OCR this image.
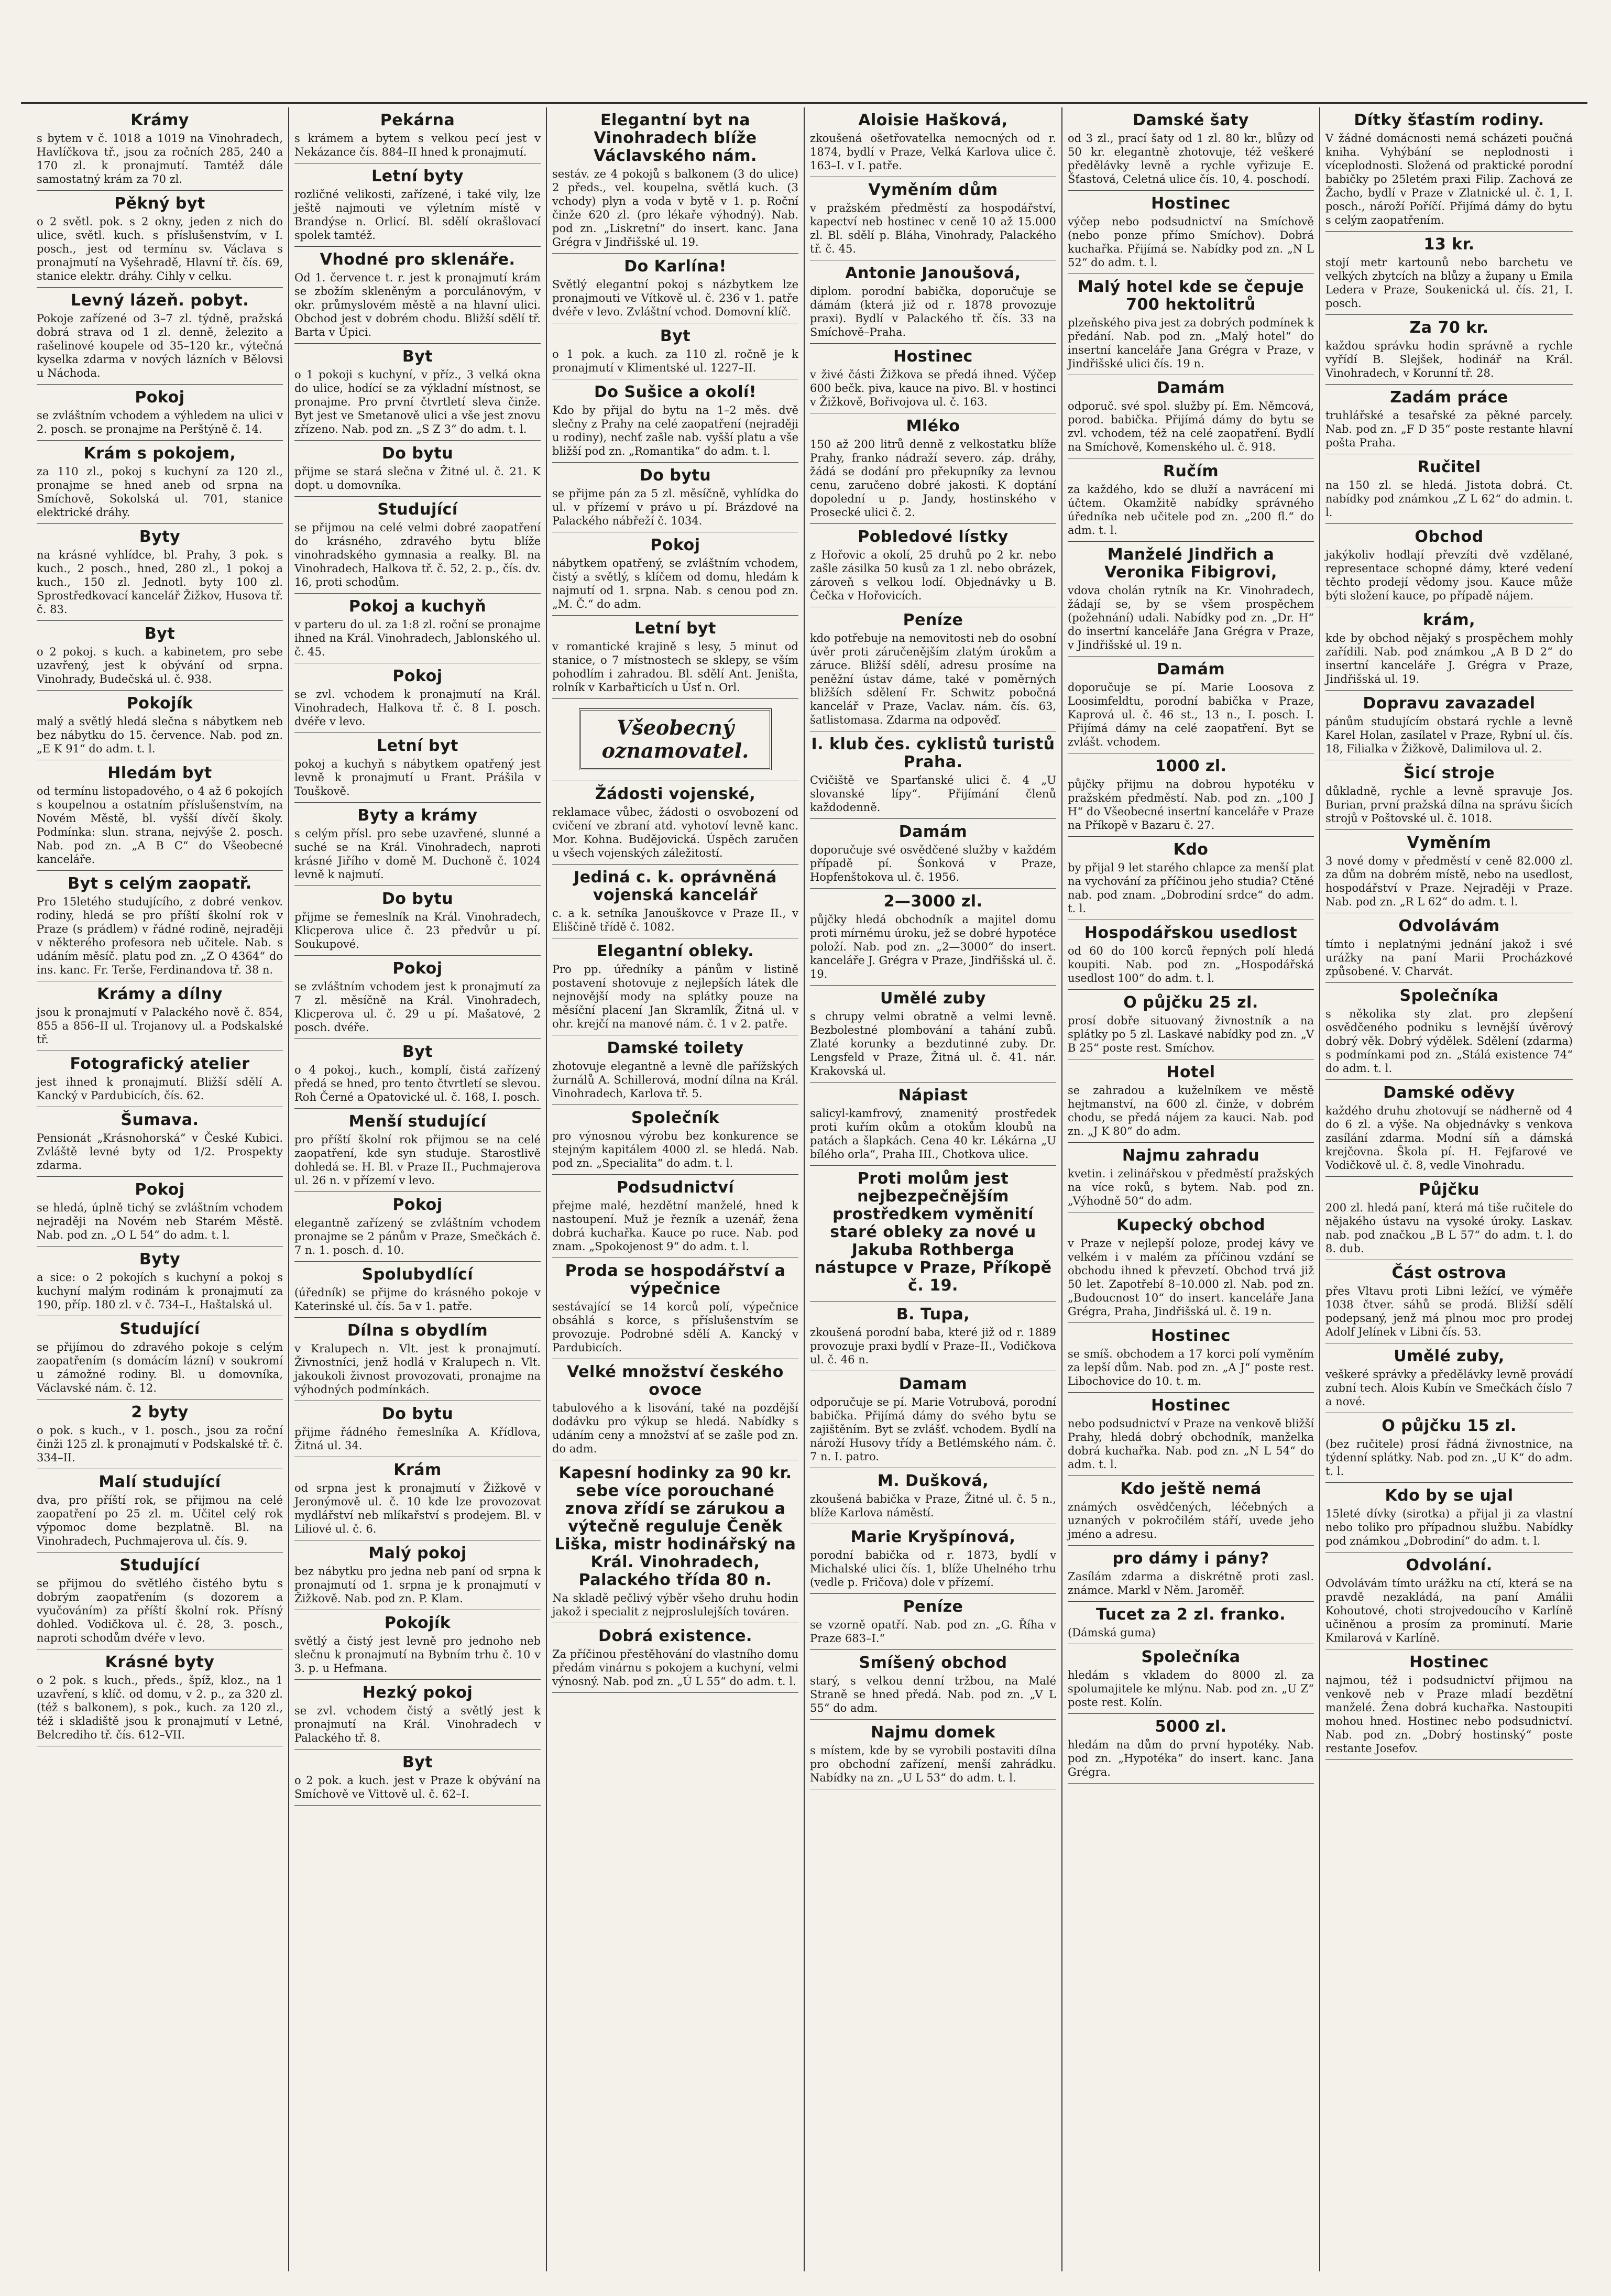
Krámy
s bytem v č. 1018 a 1019 na Vinohradech, Havlíčkova tř., jsou za ročních 285, 240 a 170 zl. k pronajmutí. Tamtéž dále samostatný krám za 70 zl.
Pěkný byt
o 2 světl. pok. s 2 okny, jeden z nich do ulice, světl. kuch. s příslušenstvím, v I. posch., jest od termínu sv. Václava s pronajmutí na Vyšehradě, Hlavní tř. čís. 69, stanice elektr. dráhy. Cihly v celku.
Levný lázeň. pobyt.
Pokoje zařízené od 3–7 zl. týdně, pražská dobrá strava od 1 zl. denně, železito a rašelinové koupele od 35–120 kr., výtečná kyselka zdarma v nových lázních v Bělovsi u Náchoda.
Pokoj
se zvláštním vchodem a výhledem na ulici v 2. posch. se pronajme na Perštýně č. 14.
Krám s pokojem,
za 110 zl., pokoj s kuchyní za 120 zl., pronajme se hned aneb od srpna na Smíchově, Sokolská ul. 701, stanice elektrické dráhy.
Byty
na krásné vyhlídce, bl. Prahy, 3 pok. s kuch., 2 posch., hned, 280 zl., 1 pokoj a kuch., 150 zl. Jednotl. byty 100 zl. Sprostředkovací kancelář Žižkov, Husova tř. č. 83.
Byt
o 2 pokoj. s kuch. a kabinetem, pro sebe uzavřený, jest k obývání od srpna. Vinohrady, Budečská ul. č. 938.
Pokojík
malý a světlý hledá slečna s nábytkem neb bez nábytku do 15. července. Nab. pod zn. „E K 91“ do adm. t. l.
Hledám byt
od termínu listopadového, o 4 až 6 pokojích s koupelnou a ostatním příslušenstvím, na Novém Městě, bl. vyšší dívčí školy. Podmínka: slun. strana, nejvýše 2. posch. Nab. pod zn. „A B C“ do Všeobecné kanceláře.
Byt s celým zaopatř.
Pro 15letého studujícího, z dobré venkov. rodiny, hledá se pro příští školní rok v Praze (s prádlem) v řádné rodině, nejraději v některého profesora neb učitele. Nab. s udáním měsíč. platu pod zn. „Z O 4364“ do ins. kanc. Fr. Terše, Ferdinandova tř. 38 n.
Krámy a dílny
jsou k pronajmutí v Palackého nově č. 854, 855 a 856–II ul. Trojanovy ul. a Podskalské tř.
Fotografický atelier
jest ihned k pronajmutí. Bližší sdělí A. Kancký v Pardubicích, čís. 62.
Šumava.
Pensionát „Krásnohorská“ v České Kubici. Zvláště levné byty od 1/2. Prospekty zdarma.
Pokoj
se hledá, úplně tichý se zvláštním vchodem nejraději na Novém neb Starém Městě. Nab. pod zn. „O L 54“ do adm. t. l.
Byty
a sice: o 2 pokojích s kuchyní a pokoj s kuchyní malým rodinám k pronajmutí za 190, příp. 180 zl. v č. 734–I., Haštalská ul.
Studující
se přijímou do zdravého pokoje s celým zaopatřením (s domácím lázní) v soukromí u zámožné rodiny. Bl. u domovníka, Václavské nám. č. 12.
2 byty
o pok. s kuch., v 1. posch., jsou za roční činži 125 zl. k pronajmutí v Podskalské tř. č. 334–II.
Malí studující
dva, pro příští rok, se přijmou na celé zaopatření po 25 zl. m. Učitel celý rok výpomoc dome bezplatně. Bl. na Vinohradech, Puchmajerova ul. čís. 9.
Studující
se přijmou do světlého čistého bytu s dobrým zaopatřením (s dozorem a vyučováním) za příští školní rok. Přísný dohled. Vodičkova ul. č. 28, 3. posch., naproti schodům dvéře v levo.
Krásné byty
o 2 pok. s kuch., předs., špíž, kloz., na 1 uzavření, s klíč. od domu, v 2. p., za 320 zl. (též s balkonem), s pok., kuch. za 120 zl., též i skladiště jsou k pronajmutí v Letné, Belcrediho tř. čís. 612–VII.
Pekárna
s krámem a bytem s velkou pecí jest v Nekázance čís. 884–II hned k pronajmutí.
Letní byty
rozličné velikosti, zařízené, i také vily, lze ještě najmouti ve výletním místě v Brandýse n. Orlicí. Bl. sdělí okrašlovací spolek tamtéž.
Vhodné pro sklenáře.
Od 1. července t. r. jest k pronajmutí krám se zbožím skleněným a porculánovým, v okr. průmyslovém městě a na hlavní ulici. Obchod jest v dobrém chodu. Bližší sdělí tř. Barta v Úpici.
Byt
o 1 pokoji s kuchyní, v příz., 3 velká okna do ulice, hodící se za výkladní místnost, se pronajme. Pro první čtvrtletí sleva činže. Byt jest ve Smetanově ulici a vše jest znovu zřízeno. Nab. pod zn. „S Z 3“ do adm. t. l.
Do bytu
přijme se stará slečna v Žitné ul. č. 21. K dopt. u domovníka.
Studující
se přijmou na celé velmi dobré zaopatření do krásného, zdravého bytu blíže vinohradského gymnasia a realky. Bl. na Vinohradech, Halkova tř. č. 52, 2. p., čís. dv. 16, proti schodům.
Pokoj a kuchyň
v parteru do ul. za 1:8 zl. roční se pronajme ihned na Král. Vinohradech, Jablonského ul. č. 45.
Pokoj
se zvl. vchodem k pronajmutí na Král. Vinohradech, Halkova tř. č. 8 I. posch. dvéře v levo.
Letní byt
pokoj a kuchyň s nábytkem opatřený jest levně k pronajmutí u Frant. Prášila v Touškově.
Byty a krámy
s celým přísl. pro sebe uzavřené, slunné a suché se na Král. Vinohradech, naproti krásné Jiřího v domě M. Duchoně č. 1024 levně k najmutí.
Do bytu
přijme se řemeslník na Král. Vinohradech, Klicperova ulice č. 23 předvůr u pí. Soukupové.
Pokoj
se zvláštním vchodem jest k pronajmutí za 7 zl. měsíčně na Král. Vinohradech, Klicperova ul. č. 29 u pí. Mašatové, 2 posch. dvéře.
Byt
o 4 pokoj., kuch., komplí, čistá zařízený předá se hned, pro tento čtvrtletí se slevou. Roh Černé a Opatovické ul. č. 168, I. posch.
Menší studující
pro příští školní rok přijmou se na celé zaopatření, kde syn studuje. Starostlivě dohledá se. H. Bl. v Praze II., Puchmajerova ul. 26 n. v přízemí v levo.
Pokoj
elegantně zařízený se zvláštním vchodem pronajme se 2 pánům v Praze, Smečkách č. 7 n. 1. posch. d. 10.
Spolubydlící
(úředník) se přijme do krásného pokoje v Katerinské ul. čís. 5a v 1. patře.
Dílna s obydlím
v Kralupech n. Vlt. jest k pronajmutí. Živnostníci, jenž hodlá v Kralupech n. Vlt. jakoukoli živnost provozovati, pronajme na výhodných podmínkách.
Do bytu
přijme řádného řemeslníka A. Křídlova, Žitná ul. 34.
Krám
od srpna jest k pronajmutí v Žižkově v Jeronýmově ul. č. 10 kde lze provozovat mydlářství neb mlíkařství s prodejem. Bl. v Liliové ul. č. 6.
Malý pokoj
bez nábytku pro jedna neb paní od srpna k pronajmutí od 1. srpna je k pronajmutí v Žižkově. Nab. pod zn. P. Klam.
Pokojík
světlý a čistý jest levně pro jednoho neb slečnu k pronajmutí na Bybním trhu č. 10 v 3. p. u Hefmana.
Hezký pokoj
se zvl. vchodem čistý a světlý jest k pronajmutí na Král. Vinohradech v Palackého tř. 8.
Byt
o 2 pok. a kuch. jest v Praze k obývání na Smíchově ve Vittově ul. č. 62–I.
Elegantní byt na Vinohradech blíže Václavského nám.
sestáv. ze 4 pokojů s balkonem (3 do ulice) 2 předs., vel. koupelna, světlá kuch. (3 vchody) plyn a voda v bytě v 1. p. Roční činže 620 zl. (pro lékaře výhodný). Nab. pod zn. „Liskretní“ do insert. kanc. Jana Grégra v Jindřišské ul. 19.
Do Karlína!
Světlý elegantní pokoj s názbytkem lze pronajmouti ve Vítkově ul. č. 236 v 1. patře dvéře v levo. Zvláštní vchod. Domovní klíč.
Byt
o 1 pok. a kuch. za 110 zl. ročně je k pronajmutí v Klimentské ul. 1227–II.
Do Sušice a okolí!
Kdo by přijal do bytu na 1–2 měs. dvě slečny z Prahy na celé zaopatření (nejraději u rodiny), nechť zašle nab. vyšší platu a vše bližší pod zn. „Romantika“ do adm. t. l.
Do bytu
se přijme pán za 5 zl. měsíčně, vyhlídka do ul. v přízemí v právo u pí. Brázdové na Palackého nábřeží č. 1034.
Pokoj
nábytkem opatřený, se zvláštním vchodem, čistý a světlý, s klíčem od domu, hledám k najmutí od 1. srpna. Nab. s cenou pod zn. „M. Č.“ do adm.
Letní byt
v romantické krajině s lesy, 5 minut od stanice, o 7 místnostech se sklepy, se vším pohodlím i zahradou. Bl. sdělí Ant. Jeništa, rolník v Karbařticích u Úsť n. Orl.
Všeobecný oznamovatel.
Žádosti vojenské,
reklamace vůbec, žádosti o osvobození od cvičení ve zbraní atd. vyhotoví levně kanc. Mor. Kohna. Budějovická. Úspěch zaručen u všech vojenských záležitostí.
Jediná c. k. oprávněná vojenská kancelář
c. a k. setníka Janouškovce v Praze II., v Eliščině třídě č. 1082.
Elegantní obleky.
Pro pp. úředníky a pánům v listině postavení shotovuje z nejlepších látek dle nejnovější mody na splátky pouze na měsíční placení Jan Skramlík, Žitná ul. v ohr. krejčí na manové nám. č. 1 v 2. patře.
Damské toilety
zhotovuje elegantně a levně dle pařížských žurnálů A. Schillerová, modní dílna na Král. Vinohradech, Karlova tř. 5.
Společník
pro výnosnou výrobu bez konkurence se stejným kapitálem 4000 zl. se hledá. Nab. pod zn. „Specialita“ do adm. t. l.
Podsudnictví
přejme malé, hezdětní manželé, hned k nastoupení. Muž je řezník a uzenář, žena dobrá kuchařka. Kauce po ruce. Nab. pod znam. „Spokojenost 9“ do adm. t. l.
Proda se hospodářství a výpečnice
sestávající se 14 korců polí, výpečnice obsáhlá s korce, s příslušenstvím se provozuje. Podrobné sdělí A. Kancký v Pardubicích.
Velké množství českého ovoce
tabulového a k lisování, také na pozdější dodávku pro výkup se hledá. Nabídky s udáním ceny a množství ať se zašle pod zn. do adm.
Kapesní hodinky za 90 kr. sebe více porouchané znova zřídí se zárukou a výtečně reguluje Čeněk Liška, mistr hodinářský na Král. Vinohradech, Palackého třída 80 n.
Na skladě pečlivý výběr všeho druhu hodin jakož i specialit z nejproslulejších továren.
Dobrá existence.
Za příčinou přestěhování do vlastního domu předám vinárnu s pokojem a kuchyní, velmi výnosný. Nab. pod zn. „Ú L 55“ do adm. t. l.
Aloisie Hašková,
zkoušená ošetřovatelka nemocných od r. 1874, bydlí v Praze, Velká Karlova ulice č. 163–I. v I. patře.
Vyměním dům
v pražském předměstí za hospodářství, kapectví neb hostinec v ceně 10 až 15.000 zl. Bl. sdělí p. Bláha, Vinohrady, Palackého tř. č. 45.
Antonie Janoušová,
diplom. porodní babička, doporučuje se dámám (která již od r. 1878 provozuje praxi). Bydlí v Palackého tř. čís. 33 na Smíchově–Praha.
Hostinec
v živé části Žižkova se předá ihned. Výčep 600 bečk. piva, kauce na pivo. Bl. v hostinci v Žižkově, Bořivojova ul. č. 163.
Mléko
150 až 200 litrů denně z velkostatku blíže Prahy, franko nádraží severo. záp. dráhy, žádá se dodání pro překupníky za levnou cenu, zaručeno dobré jakosti. K doptání dopolední u p. Jandy, hostinského v Prosecké ulici č. 2.
Pobledové lístky
z Hořovic a okolí, 25 druhů po 2 kr. nebo zašle zásilka 50 kusů za 1 zl. nebo obrázek, zároveň s velkou lodí. Objednávky u B. Čečka v Hořovicích.
Peníze
kdo potřebuje na nemovitosti neb do osobní úvěr proti záručenějším zlatým úrokům a záruce. Bližší sdělí, adresu prosíme na peněžní ústav dáme, také v poměrných bližších sdělení Fr. Schwitz pobočná kancelář v Praze, Vaclav. nám. čís. 63, šatlistomasa. Zdarma na odpověď.
I. klub čes. cyklistů turistů Praha.
Cvičiště ve Sparťanské ulici č. 4 „U slovanské lípy“. Přijímání členů každodenně.
Damám
doporučuje své osvědčené služby v každém případě pí. Šonková v Praze, Hopfenštokova ul. č. 1956.
2—3000 zl.
půjčky hledá obchodník a majitel domu proti mírnému úroku, jež se dobré hypotéce položí. Nab. pod zn. „2—3000“ do insert. kanceláře J. Grégra v Praze, Jindřišská ul. č. 19.
Umělé zuby
s chrupy velmi obratně a velmi levně. Bezbolestné plombování a tahání zubů. Zlaté korunky a bezdutinné zuby. Dr. Lengsfeld v Praze, Žitná ul. č. 41. nár. Krakovská ul.
Nápiast
salicyl-kamfrový, znamenitý prostředek proti kuřím okům a otokům kloubů na patách a šlapkách. Cena 40 kr. Lékárna „U bílého orla“, Praha III., Chotkova ulice.
Proti molům jest nejbezpečnějším prostředkem vyměnití staré obleky za nové u Jakuba Rothberga nástupce v Praze, Příkopě č. 19.
B. Tupa,
zkoušená porodní baba, které již od r. 1889 provozuje praxi bydlí v Praze–II., Vodičkova ul. č. 46 n.
Damam
odporučuje se pí. Marie Votrubová, porodní babička. Přijímá dámy do svého bytu se zajištěním. Byt se zvlášť. vchodem. Bydlí na nároží Husovy třídy a Betlémského nám. č. 7 n. I. patro.
M. Dušková,
zkoušená babička v Praze, Žitné ul. č. 5 n., blíže Karlova náměstí.
Marie Kryšpínová,
porodní babička od r. 1873, bydlí v Michalské ulici čís. 1, blíže Uhelného trhu (vedle p. Fričova) dole v přízemí.
Peníze
se vzorně opatří. Nab. pod zn. „G. Říha v Praze 683–I.“
Smíšený obchod
starý, s velkou denní tržbou, na Malé Straně se hned předá. Nab. pod zn. „V L 55“ do adm.
Najmu domek
s místem, kde by se vyrobili postaviti dílna pro obchodní zařízení, menší zahrádku. Nabídky na zn. „U L 53“ do adm. t. l.
Damské šaty
od 3 zl., prací šaty od 1 zl. 80 kr., blůzy od 50 kr. elegantně zhotovuje, též veškeré předělávky levně a rychle vyřizuje E. Šťastová, Celetná ulice čís. 10, 4. poschodí.
Hostinec
výčep nebo podsudnictví na Smíchově (nebo ponze přímo Smíchov). Dobrá kuchařka. Přijímá se. Nabídky pod zn. „N L 52“ do adm. t. l.
Malý hotel kde se čepuje 700 hektolitrů
plzeňského piva jest za dobrých podmínek k předání. Nab. pod zn. „Malý hotel“ do insertní kanceláře Jana Grégra v Praze, v Jindřišské ulici čís. 19 n.
Damám
odporuč. své spol. služby pí. Em. Němcová, porod. babička. Přijímá dámy do bytu se zvl. vchodem, též na celé zaopatření. Bydlí na Smíchově, Komenského ul. č. 918.
Ručím
za každého, kdo se dluží a navrácení mi účtem. Okamžitě nabídky správného úředníka neb učitele pod zn. „200 fl.“ do adm. t. l.
Manželé Jindřich a Veronika Fibigrovi,
vdova cholán rytník na Kr. Vinohradech, žádají se, by se všem prospěchem (požehnání) udali. Nabídky pod zn. „Dr. H“ do insertní kanceláře Jana Grégra v Praze, v Jindřišské ul. 19 n.
Damám
doporučuje se pí. Marie Loosova z Loosimfeldtu, porodní babička v Praze, Kaprová ul. č. 46 st., 13 n., I. posch. I. Přijímá dámy na celé zaopatření. Byt se zvlášt. vchodem.
1000 zl.
půjčky přijmu na dobrou hypotéku v pražském předměstí. Nab. pod zn. „100 J H“ do Všeobecné insertní kanceláře v Praze na Příkopě v Bazaru č. 27.
Kdo
by přijal 9 let starého chlapce za menší plat na vychování za příčinou jeho studia? Ctěné nab. pod znam. „Dobrodiní srdce“ do adm. t. l.
Hospodářskou usedlost
od 60 do 100 korců řepných polí hledá koupiti. Nab. pod zn. „Hospodářská usedlost 100“ do adm. t. l.
O půjčku 25 zl.
prosí dobře situovaný živnostník a na splátky po 5 zl. Laskavé nabídky pod zn. „V B 25“ poste rest. Smíchov.
Hotel
se zahradou a kuželníkem ve městě hejtmanství, na 600 zl. činže, v dobrém chodu, se předá nájem za kauci. Nab. pod zn. „J K 80“ do adm.
Najmu zahradu
kvetin. i zelinářskou v předměstí pražských na více roků, s bytem. Nab. pod zn. „Výhodně 50“ do adm.
Kupecký obchod
v Praze v nejlepší poloze, prodej kávy ve velkém i v malém za příčinou vzdání se obchodu ihned k převzetí. Obchod trvá již 50 let. Zapotřebí 8–10.000 zl. Nab. pod zn. „Budoucnost 10“ do insert. kanceláře Jana Grégra, Praha, Jindřišská ul. č. 19 n.
Hostinec
se smíš. obchodem a 17 korci polí vyměním za lepší dům. Nab. pod zn. „A J“ poste rest. Libochovice do 10. t. m.
Hostinec
nebo podsudnictví v Praze na venkově bližší Prahy, hledá dobrý obchodník, manželka dobrá kuchařka. Nab. pod zn. „N L 54“ do adm. t. l.
Kdo ještě nemá
známých osvědčených, léčebných a uznaných v pokročilém stáří, uvede jeho jméno a adresu.
pro dámy i pány?
Zasílám zdarma a diskrétně proti zasl. známce. Markl v Něm. Jaroměř.
Tucet za 2 zl. franko.
(Dámská guma)
Společníka
hledám s vkladem do 8000 zl. za spolumajitele ke mlýnu. Nab. pod zn. „U Z“ poste rest. Kolín.
5000 zl.
hledám na dům do první hypotéky. Nab. pod zn. „Hypotéka“ do insert. kanc. Jana Grégra.
Dítky šťastím rodiny.
V žádné domácnosti nemá scházeti poučná kniha. Vyhýbání se neplodnosti i víceplodnosti. Složená od praktické porodní babičky po 25letém praxi Filip. Zachová ze Žacho, bydlí v Praze v Zlatnické ul. č. 1, I. posch., nároží Poříčí. Přijímá dámy do bytu s celým zaopatřením.
13 kr.
stojí metr kartounů nebo barchetu ve velkých zbytcích na blůzy a župany u Emila Ledera v Praze, Soukenická ul. čís. 21, I. posch.
Za 70 kr.
každou správku hodin správně a rychle vyřídí B. Slejšek, hodinář na Král. Vinohradech, v Korunní tř. 28.
Zadám práce
truhlářské a tesařské za pěkné parcely. Nab. pod zn. „F D 35“ poste restante hlavní pošta Praha.
Ručitel
na 150 zl. se hledá. Jistota dobrá. Ct. nabídky pod známkou „Z L 62“ do admin. t. l.
Obchod
jakýkoliv hodlají převzíti dvě vzdělané, representace schopné dámy, které vedení těchto prodejí vědomy jsou. Kauce může býti složení kauce, po případě nájem.
krám,
kde by obchod nějaký s prospěchem mohly zařídili. Nab. pod známkou „A B D 2“ do insertní kanceláře J. Grégra v Praze, Jindřišská ul. 19.
Dopravu zavazadel
pánům studujícím obstará rychle a levně Karel Holan, zasílatel v Praze, Rybní ul. čís. 18, Filialka v Žižkově, Dalimilova ul. 2.
Šicí stroje
důkladně, rychle a levně spravuje Jos. Burian, první pražská dílna na správu šicích strojů v Poštovské ul. č. 1018.
Vyměním
3 nové domy v předměstí v ceně 82.000 zl. za dům na dobrém místě, nebo na usedlost, hospodářství v Praze. Nejraději v Praze. Nab. pod zn. „R L 62“ do adm. t. l.
Odvolávám
tímto i neplatnými jednání jakož i své urážky na paní Marii Procházkové způsobené. V. Charvát.
Společníka
s několika sty zlat. pro zlepšení osvědčeného podniku s levnější úvěrový dobrý věk. Dobrý výdělek. Sdělení (zdarma) s podmínkami pod zn. „Stálá existence 74“ do adm. t. l.
Damské oděvy
každého druhu zhotovují se nádherně od 4 do 6 zl. a výše. Na objednávky s venkova zasílání zdarma. Modní síň a dámská krejčovna. Škola pí. H. Fejfarové ve Vodičkově ul. č. 8, vedle Vinohradu.
Půjčku
200 zl. hledá paní, která má tiše ručitele do nějakého ústavu na vysoké úroky. Laskav. nab. pod značkou „B L 57“ do adm. t. l. do 8. dub.
Část ostrova
přes Vltavu proti Libni ležící, ve výměře 1038 čtver. sáhů se prodá. Bližší sdělí podepsaný, jenž má plnou moc pro prodej Adolf Jelínek v Libni čís. 53.
Umělé zuby,
veškeré správky a předělávky levně provádí zubní tech. Alois Kubín ve Smečkách číslo 7 a nové.
O půjčku 15 zl.
(bez ručitele) prosí řádná živnostnice, na týdenní splátky. Nab. pod zn. „U K“ do adm. t. l.
Kdo by se ujal
15leté dívky (sirotka) a přijal ji za vlastní nebo toliko pro případnou službu. Nabídky pod známkou „Dobrodiní“ do adm. t. l.
Odvolání.
Odvolávám tímto urážku na ctí, která se na pravdě nezakládá, na paní Amálii Kohoutové, choti strojvedoucího v Karlíně učiněnou a prosím za prominutí. Marie Kmilarová v Karlíně.
Hostinec
najmou, též i podsudnictví přijmou na venkově neb v Praze mladí bezdětní manželé. Žena dobrá kuchařka. Nastoupiti mohou hned. Hostinec nebo podsudnictví. Nab. pod zn. „Dobrý hostinský“ poste restante Josefov.
